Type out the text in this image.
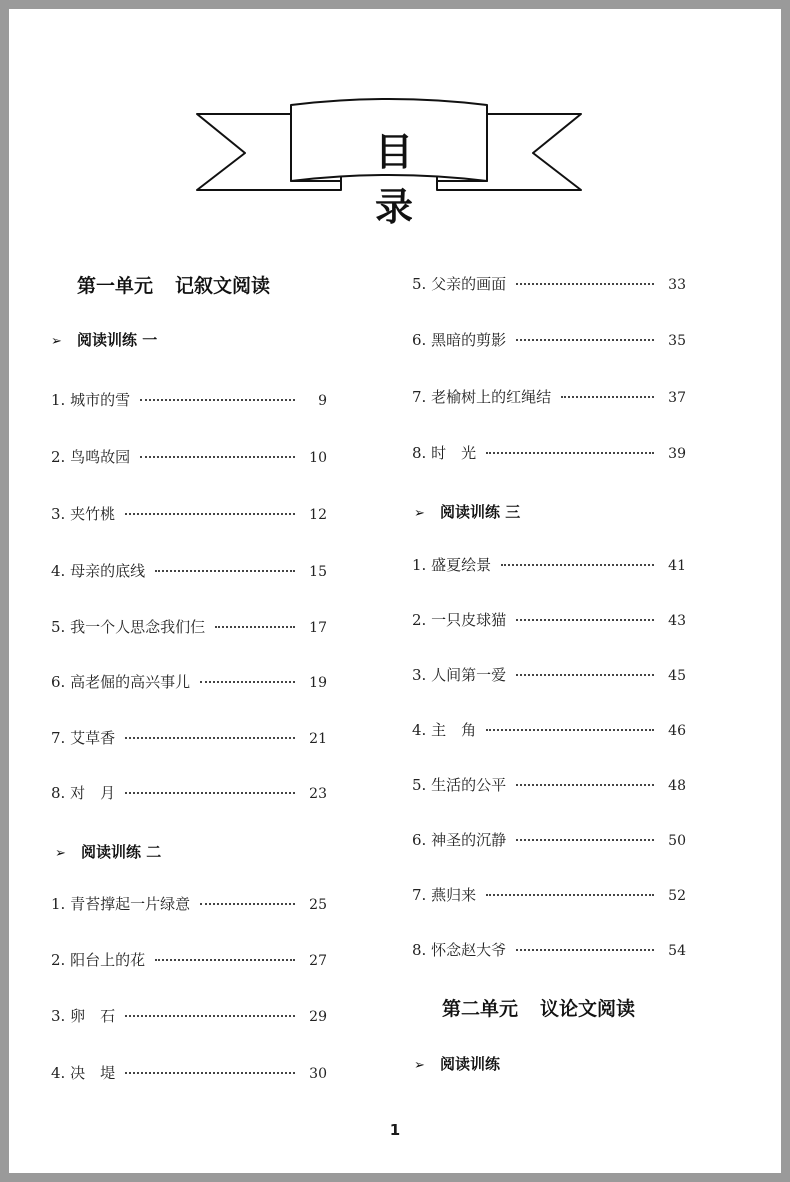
目录
第一单元 记叙文阅读
➢ 阅读训练 一
1. 城市的雪	9
2. 鸟鸣故园	10
3. 夹竹桃	12
4. 母亲的底线	15
5. 我一个人思念我们仨	17
6. 高老倔的高兴事儿	19
7. 艾草香	21
8. 对　月	23
➢ 阅读训练 二
1. 青苔撑起一片绿意	25
2. 阳台上的花	27
3. 卵　石	29
4. 决　堤	30
5. 父亲的画面	33
6. 黑暗的剪影	35
7. 老榆树上的红绳结	37
8. 时　光	39
➢ 阅读训练 三
1. 盛夏绘景	41
2. 一只皮球猫	43
3. 人间第一爱	45
4. 主　角	46
5. 生活的公平	48
6. 神圣的沉静	50
7. 燕归来	52
8. 怀念赵大爷	54
第二单元 议论文阅读
➢ 阅读训练
1
